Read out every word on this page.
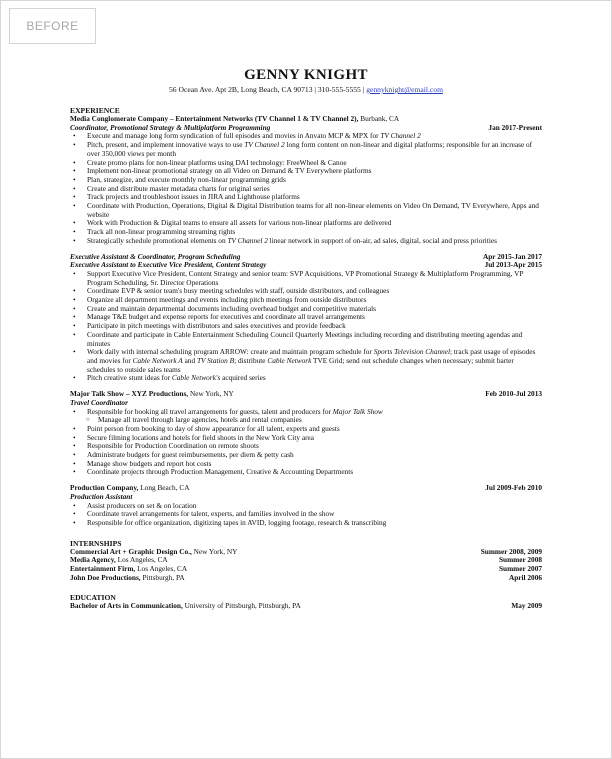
BEFORE
GENNY KNIGHT
56 Ocean Ave. Apt 2B, Long Beach, CA 90713 | 310-555-5555 | gennyknight@email.com
EXPERIENCE
Media Conglomerate Company – Entertainment Networks (TV Channel 1 & TV Channel 2), Burbank, CA
Coordinator, Promotional Strategy & Multiplatform Programming	Jan 2017-Present
• Execute and manage long form syndication of full episodes and movies in Anvato MCP & MPX for TV Channel 2
• Pitch, present, and implement innovative ways to use TV Channel 2 long form content on non-linear and digital platforms; responsible for an increase of over 350,000 views per month
• Create promo plans for non-linear platforms using DAI technology: FreeWheel & Canoe
• Implement non-linear promotional strategy on all Video on Demand & TV Everywhere platforms
• Plan, strategize, and execute monthly non-linear programming grids
• Create and distribute master metadata charts for original series
• Track projects and troubleshoot issues in JIRA and Lighthouse platforms
• Coordinate with Production, Operations, Digital & Digital Distribution teams for all non-linear elements on Video On Demand, TV Everywhere, Apps and website
• Work with Production & Digital teams to ensure all assets for various non-linear platforms are delivered
• Track all non-linear programming streaming rights
• Strategically schedule promotional elements on TV Channel 2 linear network in support of on-air, ad sales, digital, social and press priorities
Executive Assistant & Coordinator, Program Scheduling	Apr 2015-Jan 2017
Executive Assistant to Executive Vice President, Content Strategy	Jul 2013-Apr 2015
• Support Executive Vice President, Content Strategy and senior team: SVP Acquisitions, VP Promotional Strategy & Multiplatform Programming, VP Program Scheduling, Sr. Director Operations
• Coordinate EVP & senior team's busy meeting schedules with staff, outside distributors, and colleagues
• Organize all department meetings and events including pitch meetings from outside distributors
• Create and maintain departmental documents including overhead budget and competitive materials
• Manage T&E budget and expense reports for executives and coordinate all travel arrangements
• Participate in pitch meetings with distributors and sales executives and provide feedback
• Coordinate and participate in Cable Entertainment Scheduling Council Quarterly Meetings including recording and distributing meeting agendas and minutes
• Work daily with internal scheduling program ARROW: create and maintain program schedule for Sports Television Channel; track past usage of episodes and movies for Cable Network A and TV Station B; distribute Cable Network TVE Grid; send out schedule changes when necessary; submit barter schedules to outside sales teams
• Pitch creative stunt ideas for Cable Network's acquired series
Major Talk Show – XYZ Productions, New York, NY	Feb 2010-Jul 2013
Travel Coordinator
• Responsible for booking all travel arrangements for guests, talent and producers for Major Talk Show
○ Manage all travel through large agencies, hotels and rental companies
• Point person from booking to day of show appearance for all talent, experts and guests
• Secure filming locations and hotels for field shoots in the New York City area
• Responsible for Production Coordination on remote shoots
• Administrate budgets for guest reimbursements, per diem & petty cash
• Manage show budgets and report hot costs
• Coordinate projects through Production Management, Creative & Accounting Departments
Production Company, Long Beach, CA	Jul 2009-Feb 2010
Production Assistant
• Assist producers on set & on location
• Coordinate travel arrangements for talent, experts, and families involved in the show
• Responsible for office organization, digitizing tapes in AVID, logging footage, research & transcribing
INTERNSHIPS
Commercial Art + Graphic Design Co., New York, NY	Summer 2008, 2009
Media Agency, Los Angeles, CA	Summer 2008
Entertainment Firm, Los Angeles, CA	Summer 2007
John Doe Productions, Pittsburgh, PA	April 2006
EDUCATION
Bachelor of Arts in Communication, University of Pittsburgh, Pittsburgh, PA	May 2009
